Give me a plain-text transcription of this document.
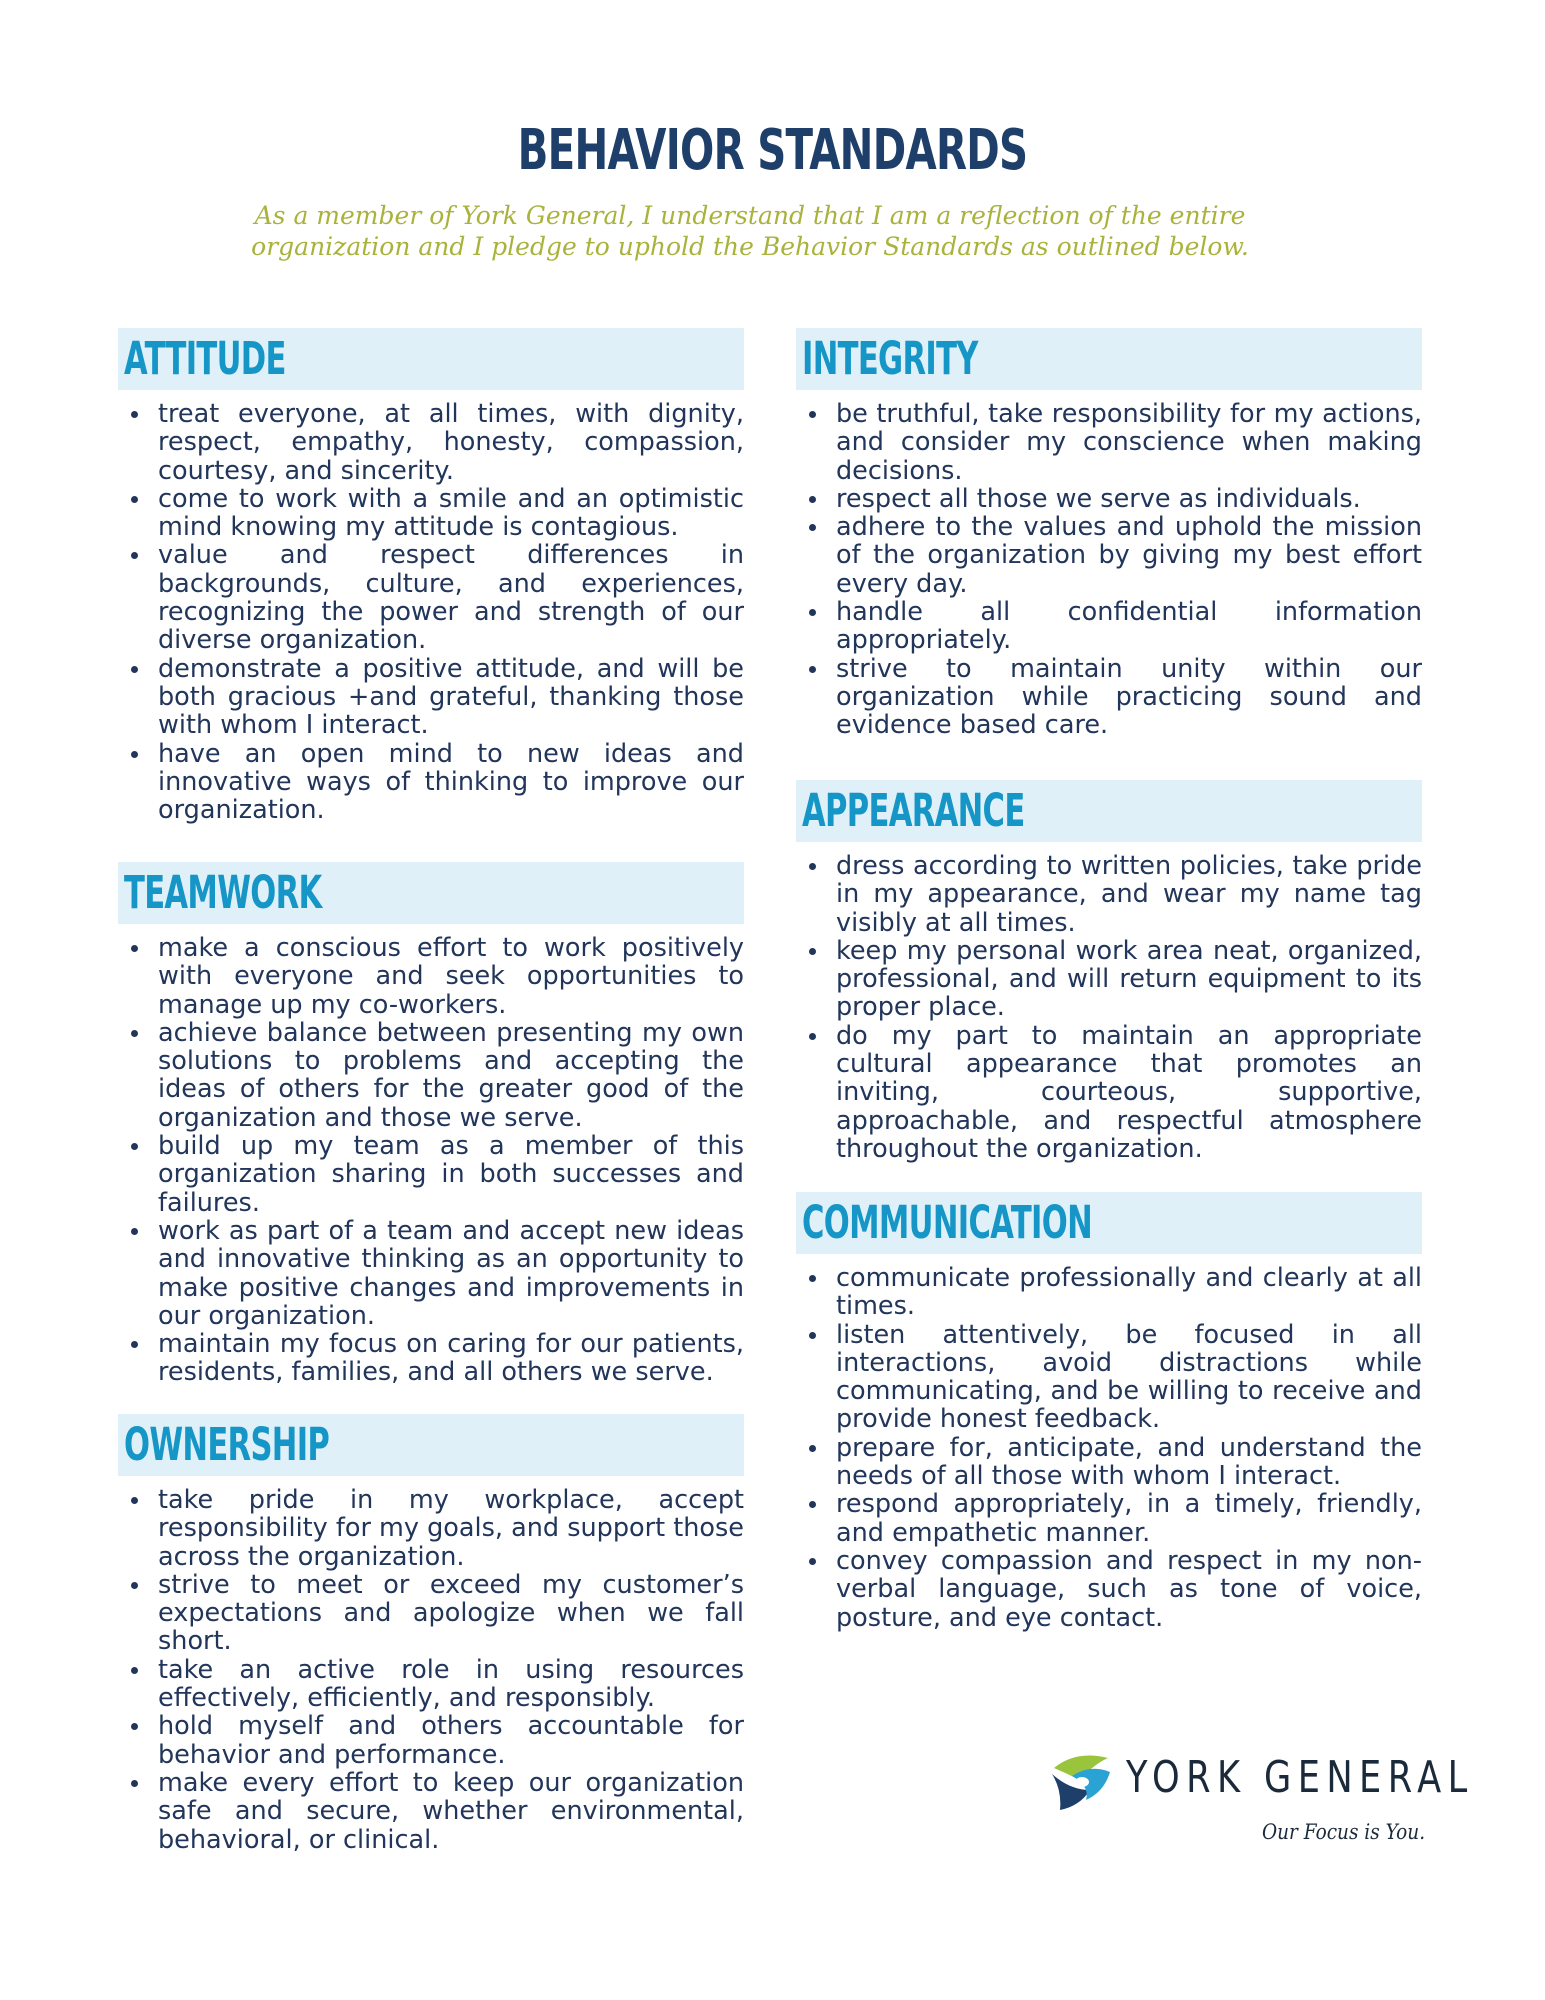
BEHAVIOR STANDARDS

As a member of York General, I understand that I am a reflection of the entire organization and I pledge to uphold the Behavior Standards as outlined below.

ATTITUDE
treat everyone, at all times, with dignity, respect, empathy, honesty, compassion, courtesy, and sincerity.
come to work with a smile and an optimistic mind knowing my attitude is contagious.
value and respect differences in backgrounds, culture, and experiences, recognizing the power and strength of our diverse organization.
demonstrate a positive attitude, and will be both gracious +and grateful, thanking those with whom I interact.
have an open mind to new ideas and innovative ways of thinking to improve our organization.
TEAMWORK
make a conscious effort to work positively with everyone and seek opportunities to manage up my co-workers.
achieve balance between presenting my own solutions to problems and accepting the ideas of others for the greater good of the organization and those we serve.
build up my team as a member of this organization sharing in both successes and failures.
work as part of a team and accept new ideas and innovative thinking as an opportunity to make positive changes and improvements in our organization.
maintain my focus on caring for our patients, residents, families, and all others we serve.
OWNERSHIP
take pride in my workplace, accept responsibility for my goals, and support those across the organization.
strive to meet or exceed my customer’s expectations and apologize when we fall short.
take an active role in using resources effectively, efficiently, and responsibly.
hold myself and others accountable for behavior and performance.
make every effort to keep our organization safe and secure, whether environmental, behavioral, or clinical.
INTEGRITY
be truthful, take responsibility for my actions, and consider my conscience when making decisions.
respect all those we serve as individuals.
adhere to the values and uphold the mission of the organization by giving my best effort every day.
handle all confidential information appropriately.
strive to maintain unity within our organization while practicing sound and evidence based care.
APPEARANCE
dress according to written policies, take pride in my appearance, and wear my name tag visibly at all times.
keep my personal work area neat, organized, professional, and will return equipment to its proper place.
do my part to maintain an appropriate cultural appearance that promotes an inviting, courteous, supportive, approachable, and respectful atmosphere throughout the organization.
COMMUNICATION
communicate professionally and clearly at all times.
listen attentively, be focused in all interactions, avoid distractions while communicating, and be willing to receive and provide honest feedback.
prepare for, anticipate, and understand the needs of all those with whom I interact.
respond appropriately, in a timely, friendly, and empathetic manner.
convey compassion and respect in my non-verbal language, such as tone of voice, posture, and eye contact.
YORK GENERAL
Our Focus is You.
